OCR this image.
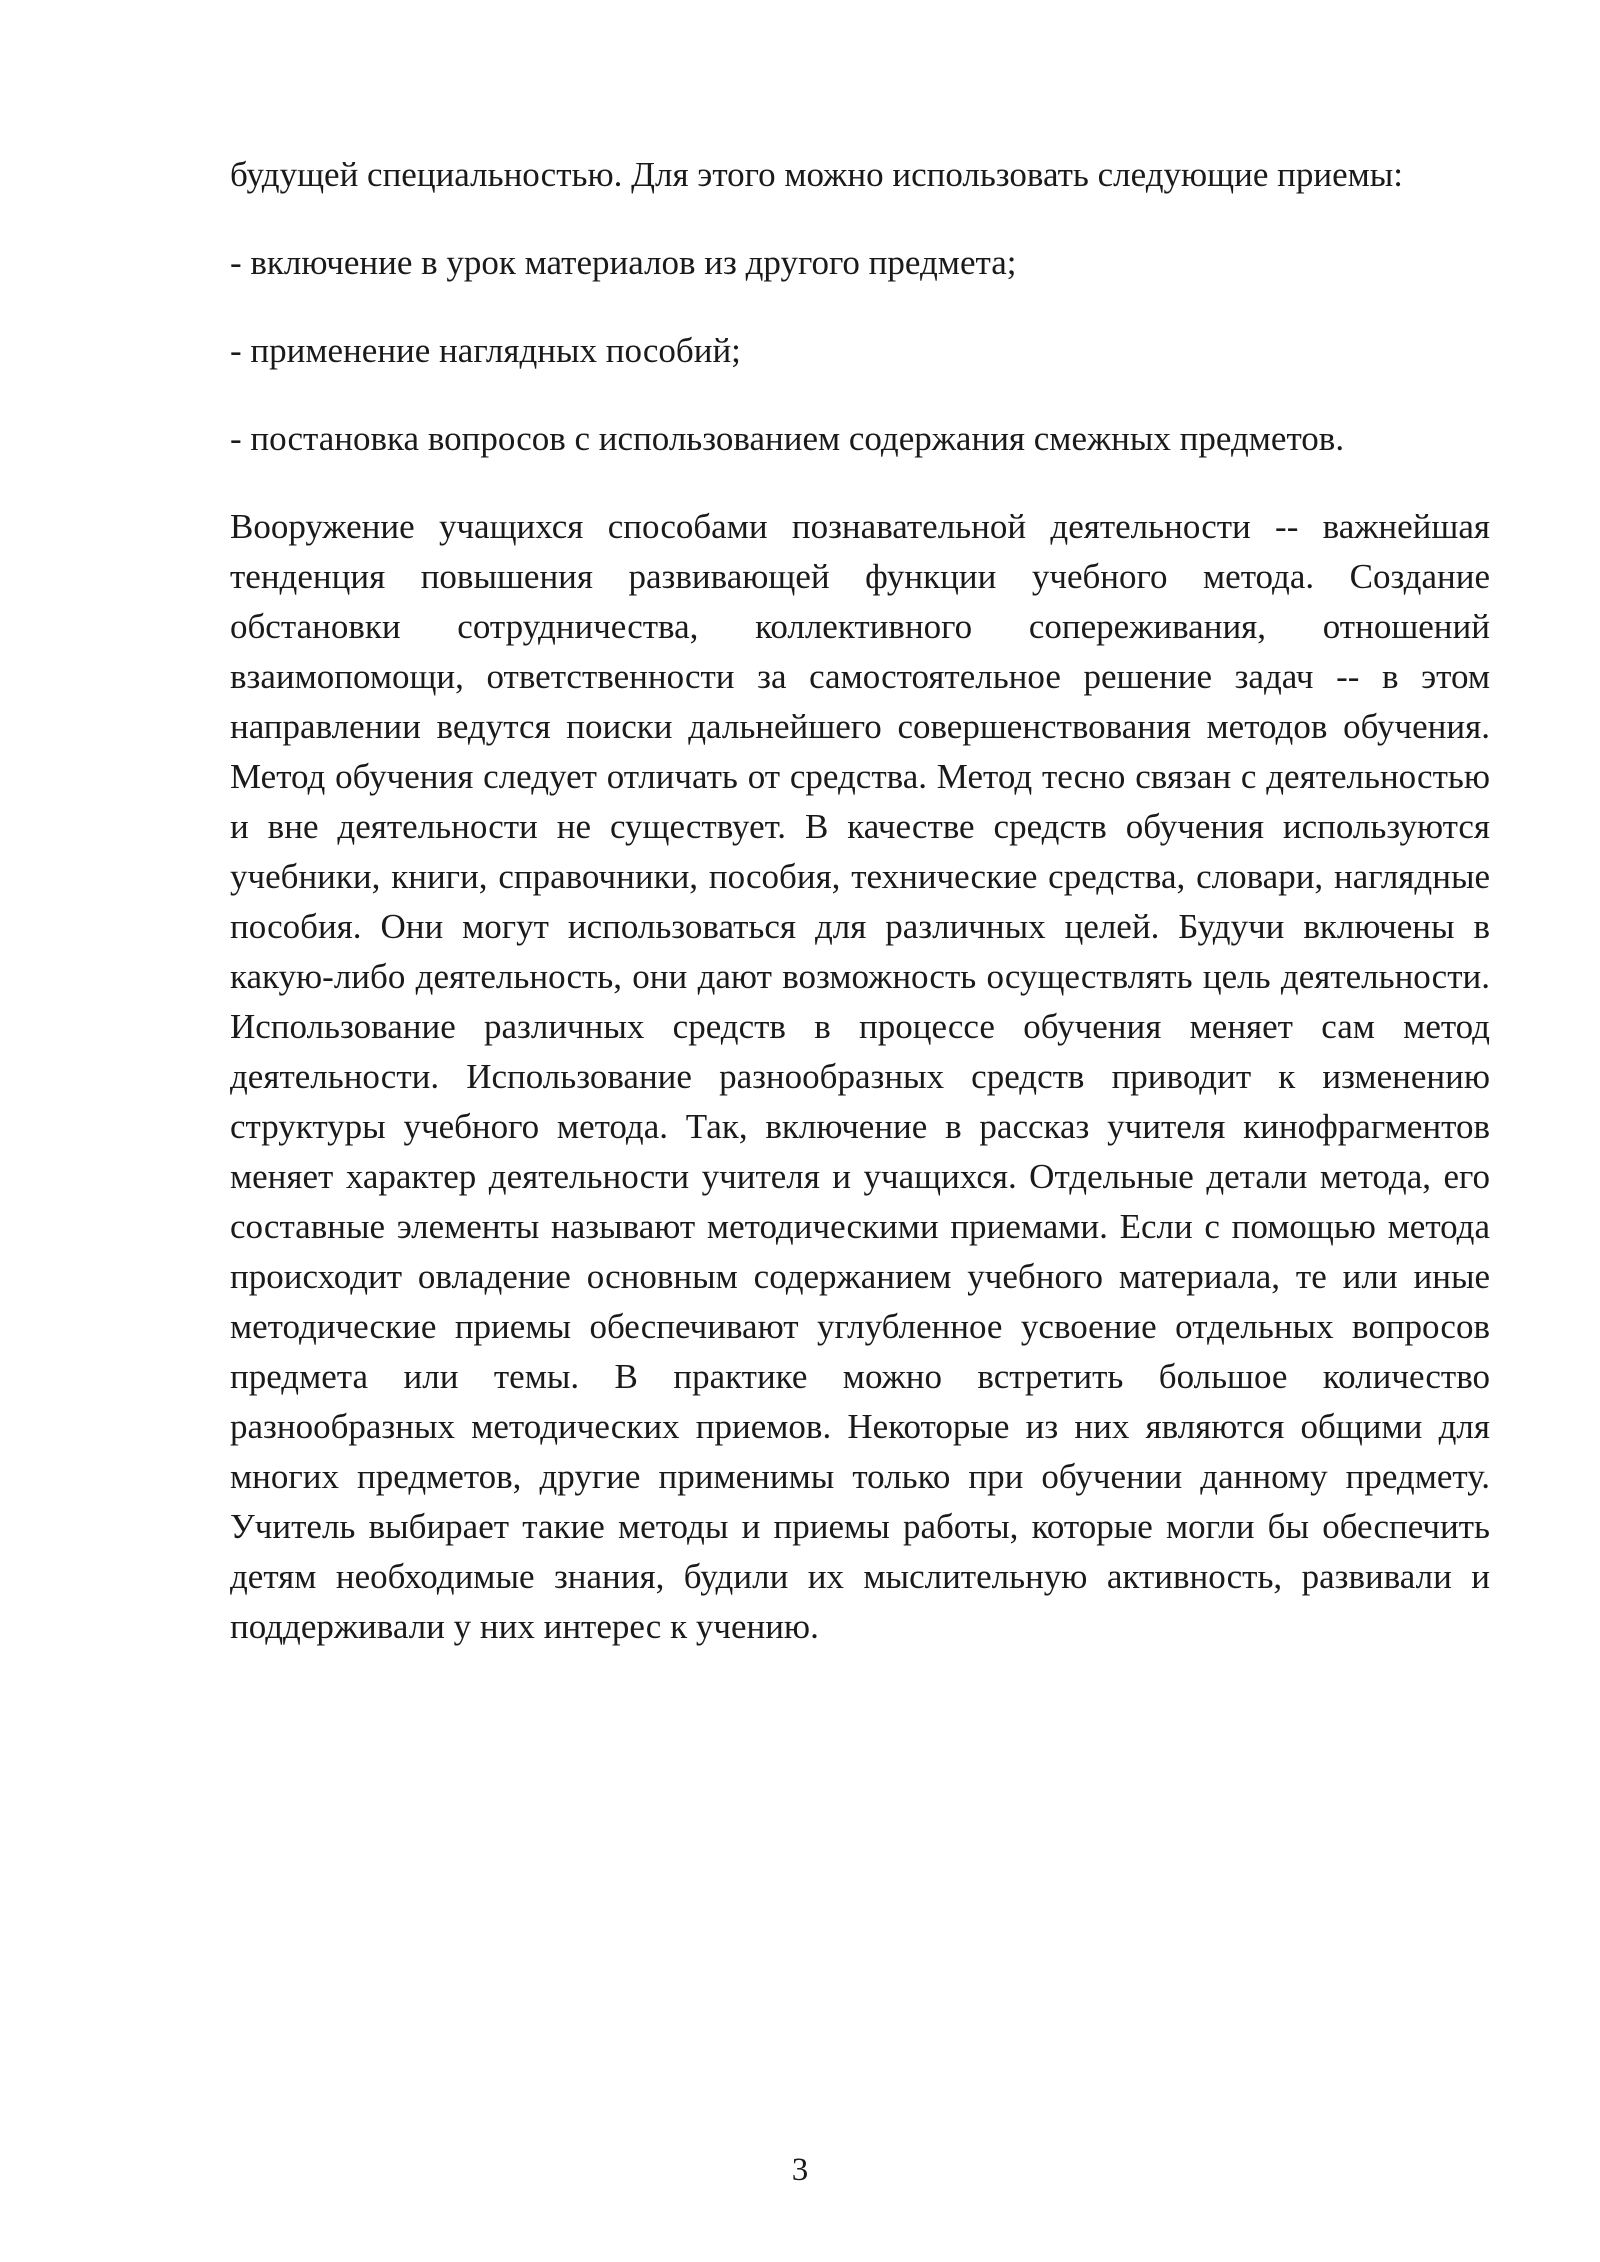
будущей специальностью. Для этого можно использовать следующие приемы:

- включение в урок материалов из другого предмета;

- применение наглядных пособий;

- постановка вопросов с использованием содержания смежных предметов.

Вооружение учащихся способами познавательной деятельности -- важнейшая тенденция повышения развивающей функции учебного метода. Создание обстановки сотрудничества, коллективного сопереживания, отношений взаимопомощи, ответственности за самостоятельное решение задач -- в этом направлении ведутся поиски дальнейшего совершенствования методов обучения. Метод обучения следует отличать от средства. Метод тесно связан с деятельностью и вне деятельности не существует. В качестве средств обучения используются учебники, книги, справочники, пособия, технические средства, словари, наглядные пособия. Они могут использоваться для различных целей. Будучи включены в какую-либо деятельность, они дают возможность осуществлять цель деятельности. Использование различных средств в процессе обучения меняет сам метод деятельности. Использование разнообразных средств приводит к изменению структуры учебного метода. Так, включение в рассказ учителя кинофрагментов меняет характер деятельности учителя и учащихся. Отдельные детали метода, его составные элементы называют методическими приемами. Если с помощью метода происходит овладение основным содержанием учебного материала, те или иные методические приемы обеспечивают углубленное усвоение отдельных вопросов предмета или темы. В практике можно встретить большое количество разнообразных методических приемов. Некоторые из них являются общими для многих предметов, другие применимы только при обучении данному предмету. Учитель выбирает такие методы и приемы работы, которые могли бы обеспечить детям необходимые знания, будили их мыслительную активность, развивали и поддерживали у них интерес к учению.

3
